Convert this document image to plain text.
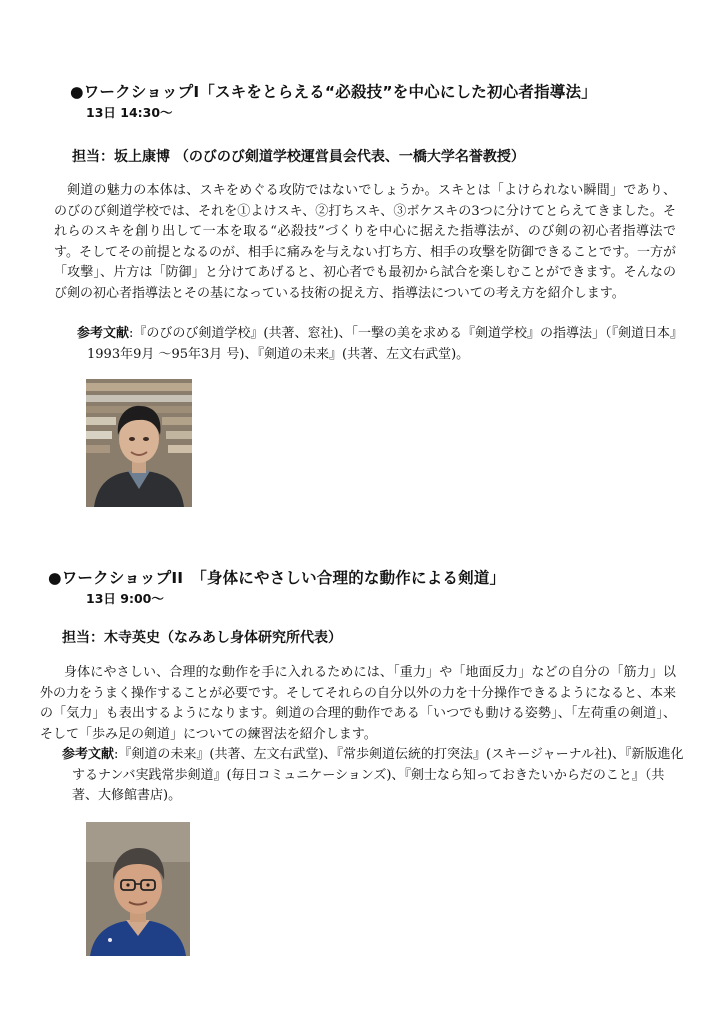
●ワークショップI「スキをとらえる“必殺技”を中心にした初心者指導法」
13日 14:30〜
担当：坂上康博 （のびのび剣道学校運営員会代表、一橋大学名誉教授）
剣道の魅力の本体は、スキをめぐる攻防ではないでしょうか。スキとは「よけられない瞬間」であり、のびのび剣道学校では、それを①よけスキ、②打ちスキ、③ボケスキの3つに分けてとらえてきました。それらのスキを創り出して一本を取る“必殺技”づくりを中心に据えた指導法が、のび剣の初心者指導法です。そしてその前提となるのが、相手に痛みを与えない打ち方、相手の攻撃を防御できることです。一方が「攻撃」、片方は「防御」と分けてあげると、初心者でも最初から試合を楽しむことができます。そんなのび剣の初心者指導法とその基になっている技術の捉え方、指導法についての考え方を紹介します。
参考文献:『のびのび剣道学校』(共著、窓社)、「一撃の美を求める『剣道学校』の指導法」（『剣道日本』1993年9月 〜95年3月 号)、『剣道の未来』(共著、左文右武堂)。
●ワークショップII　「身体にやさしい合理的な動作による剣道」
13日 9:00〜
担当：木寺英史（なみあし身体研究所代表）
身体にやさしい、合理的な動作を手に入れるためには、「重力」や「地面反力」などの自分の「筋力」以外の力をうまく操作することが必要です。そしてそれらの自分以外の力を十分操作できるようになると、本来の「気力」も表出するようになります。剣道の合理的動作である「いつでも動ける姿勢」、「左荷重の剣道」、そして「歩み足の剣道」についての練習法を紹介します。
参考文献:『剣道の未来』(共著、左文右武堂)、『常歩剣道伝統的打突法』(スキージャーナル社)、『新版進化するナンバ実践常歩剣道』(毎日コミュニケーションズ)、『剣士なら知っておきたいからだのこと』（共著、大修館書店)。
